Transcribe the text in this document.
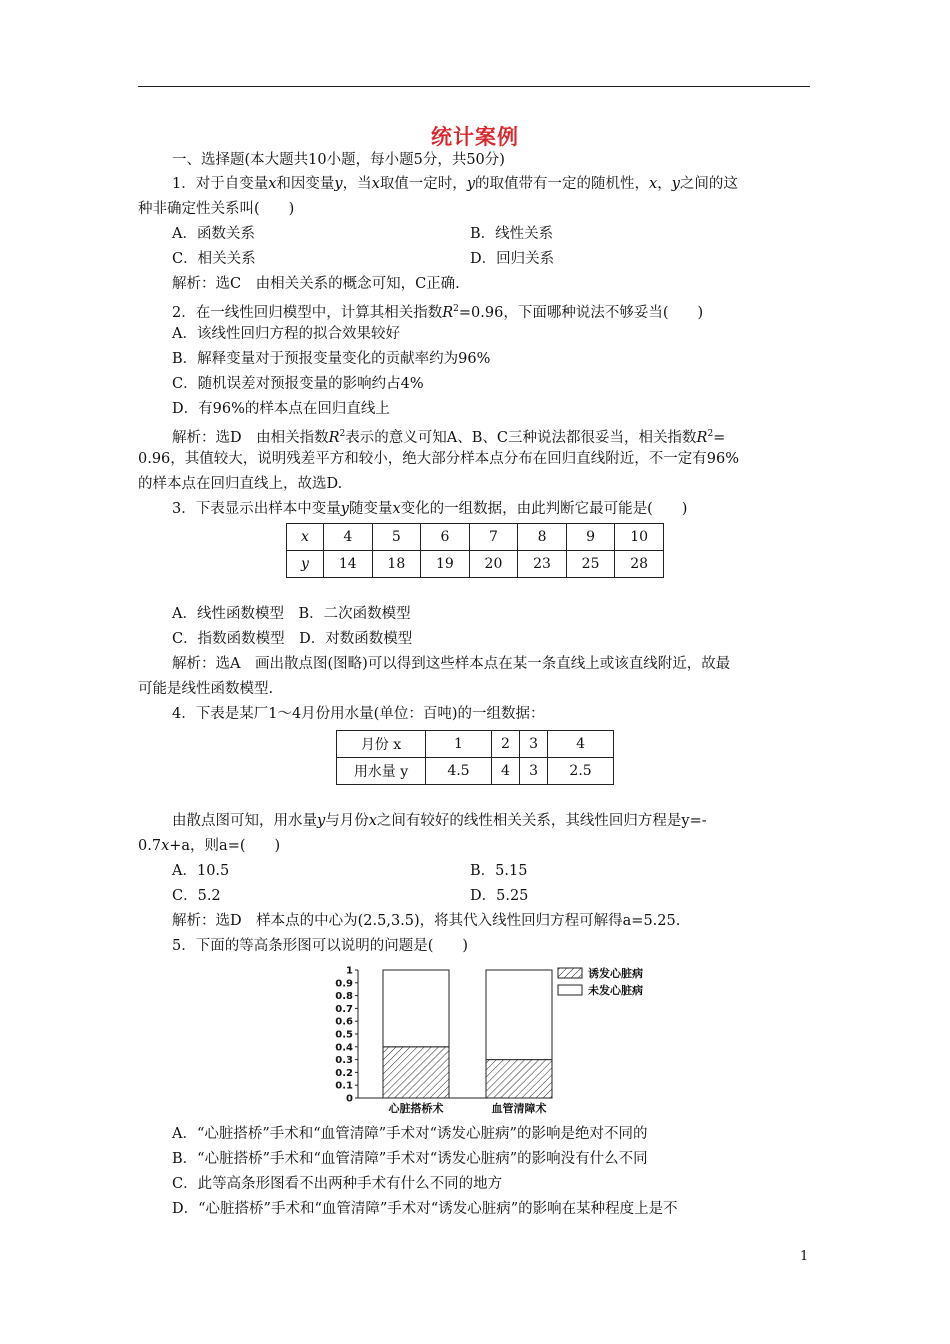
统计案例
一、选择题(本大题共10小题，每小题5分，共50分)
1．对于自变量x和因变量y，当x取值一定时，y的取值带有一定的随机性，x，y之间的这
种非确定性关系叫(　　)
A．函数关系	B．线性关系
C．相关关系	D．回归关系
解析：选C　由相关关系的概念可知，C正确.
2．在一线性回归模型中，计算其相关指数$R^2=0.96$，下面哪种说法不够妥当(　　)
A．该线性回归方程的拟合效果较好
B．解释变量对于预报变量变化的贡献率约为96%
C．随机误差对预报变量的影响约占4%
D．有96%的样本点在回归直线上
解析：选D　由相关指数$R^2$表示的意义可知A、B、C三种说法都很妥当，相关指数$R^2=$
0.96，其值较大，说明残差平方和较小，绝大部分样本点分布在回归直线附近，不一定有96%
的样本点在回归直线上，故选D.
3．下表显示出样本中变量y随变量x变化的一组数据，由此判断它最可能是(　　)
x	4	5	6	7	8	9	10
y	14	18	19	20	23	25	28
A．线性函数模型　B．二次函数模型
C．指数函数模型　D．对数函数模型
解析：选A　画出散点图(图略)可以得到这些样本点在某一条直线上或该直线附近，故最
可能是线性函数模型.
4．下表是某厂1～4月份用水量(单位：百吨)的一组数据：
月份 x	1	2	3	4
用水量 y	4.5	4	3	2.5
由散点图可知，用水量y与月份x之间有较好的线性相关关系，其线性回归方程是y=-
0.7x+a，则a=(　　)
A．10.5	B．5.15
C．5.2	D．5.25
解析：选D　样本点的中心为(2.5,3.5)，将其代入线性回归方程可解得a=5.25.
5．下面的等高条形图可以说明的问题是(　　)
0
0.1
0.2
0.3
0.4
0.5
0.6
0.7
0.8
0.9
1
心脏搭桥术	血管清障术
诱发心脏病
未发心脏病
A．“心脏搭桥”手术和“血管清障”手术对“诱发心脏病”的影响是绝对不同的
B．“心脏搭桥”手术和“血管清障”手术对“诱发心脏病”的影响没有什么不同
C．此等高条形图看不出两种手术有什么不同的地方
D．“心脏搭桥”手术和“血管清障”手术对“诱发心脏病”的影响在某种程度上是不
1
